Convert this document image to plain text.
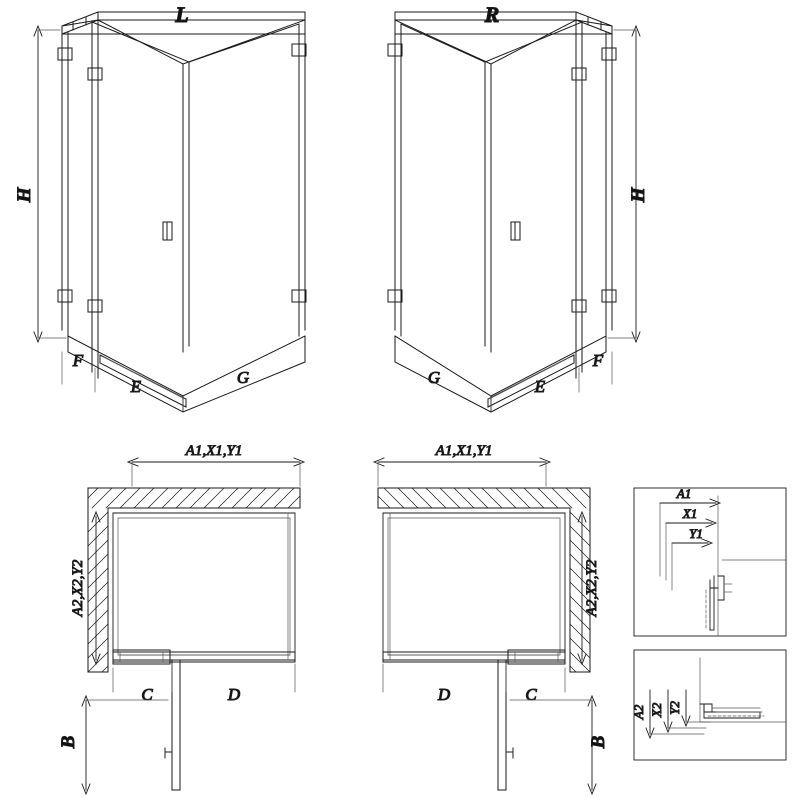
H
F
E	G
L
H
F
E
G
R
A1,X1,Y1
A2,X2,Y2
C	D
B
A1,X1,Y1
A2,X2,Y2
C
D
B
A1
X1
Y1
A2 X2 Y2
